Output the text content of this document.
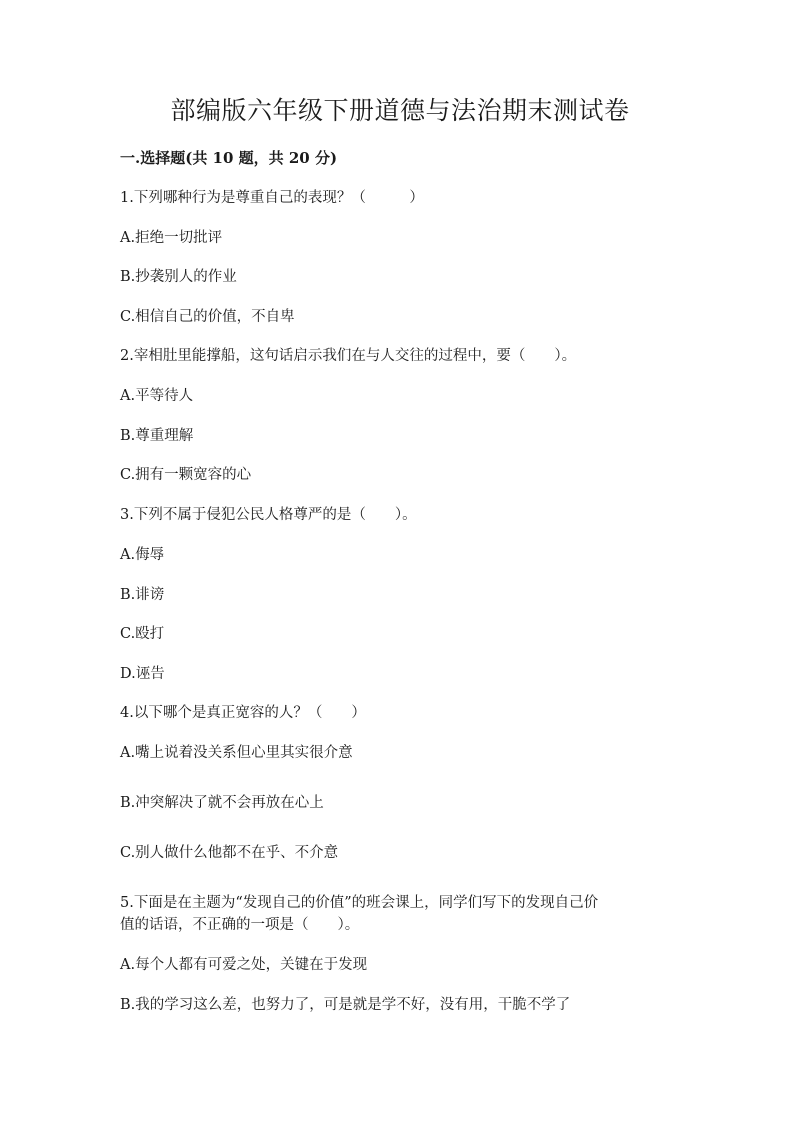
部编版六年级下册道德与法治期末测试卷
一.选择题(共 10 题，共 20 分)
1.下列哪种行为是尊重自己的表现？（　　　）
A.拒绝一切批评
B.抄袭别人的作业
C.相信自己的价值，不自卑
2.宰相肚里能撑船，这句话启示我们在与人交往的过程中，要（　　）。
A.平等待人
B.尊重理解
C.拥有一颗宽容的心
3.下列不属于侵犯公民人格尊严的是（　　）。
A.侮辱
B.诽谤
C.殴打
D.诬告
4.以下哪个是真正宽容的人？（　　）
A.嘴上说着没关系但心里其实很介意
B.冲突解决了就不会再放在心上
C.别人做什么他都不在乎、不介意
5.下面是在主题为“发现自己的价值”的班会课上，同学们写下的发现自己价
值的话语，不正确的一项是（　　）。
A.每个人都有可爱之处，关键在于发现
B.我的学习这么差，也努力了，可是就是学不好，没有用，干脆不学了
